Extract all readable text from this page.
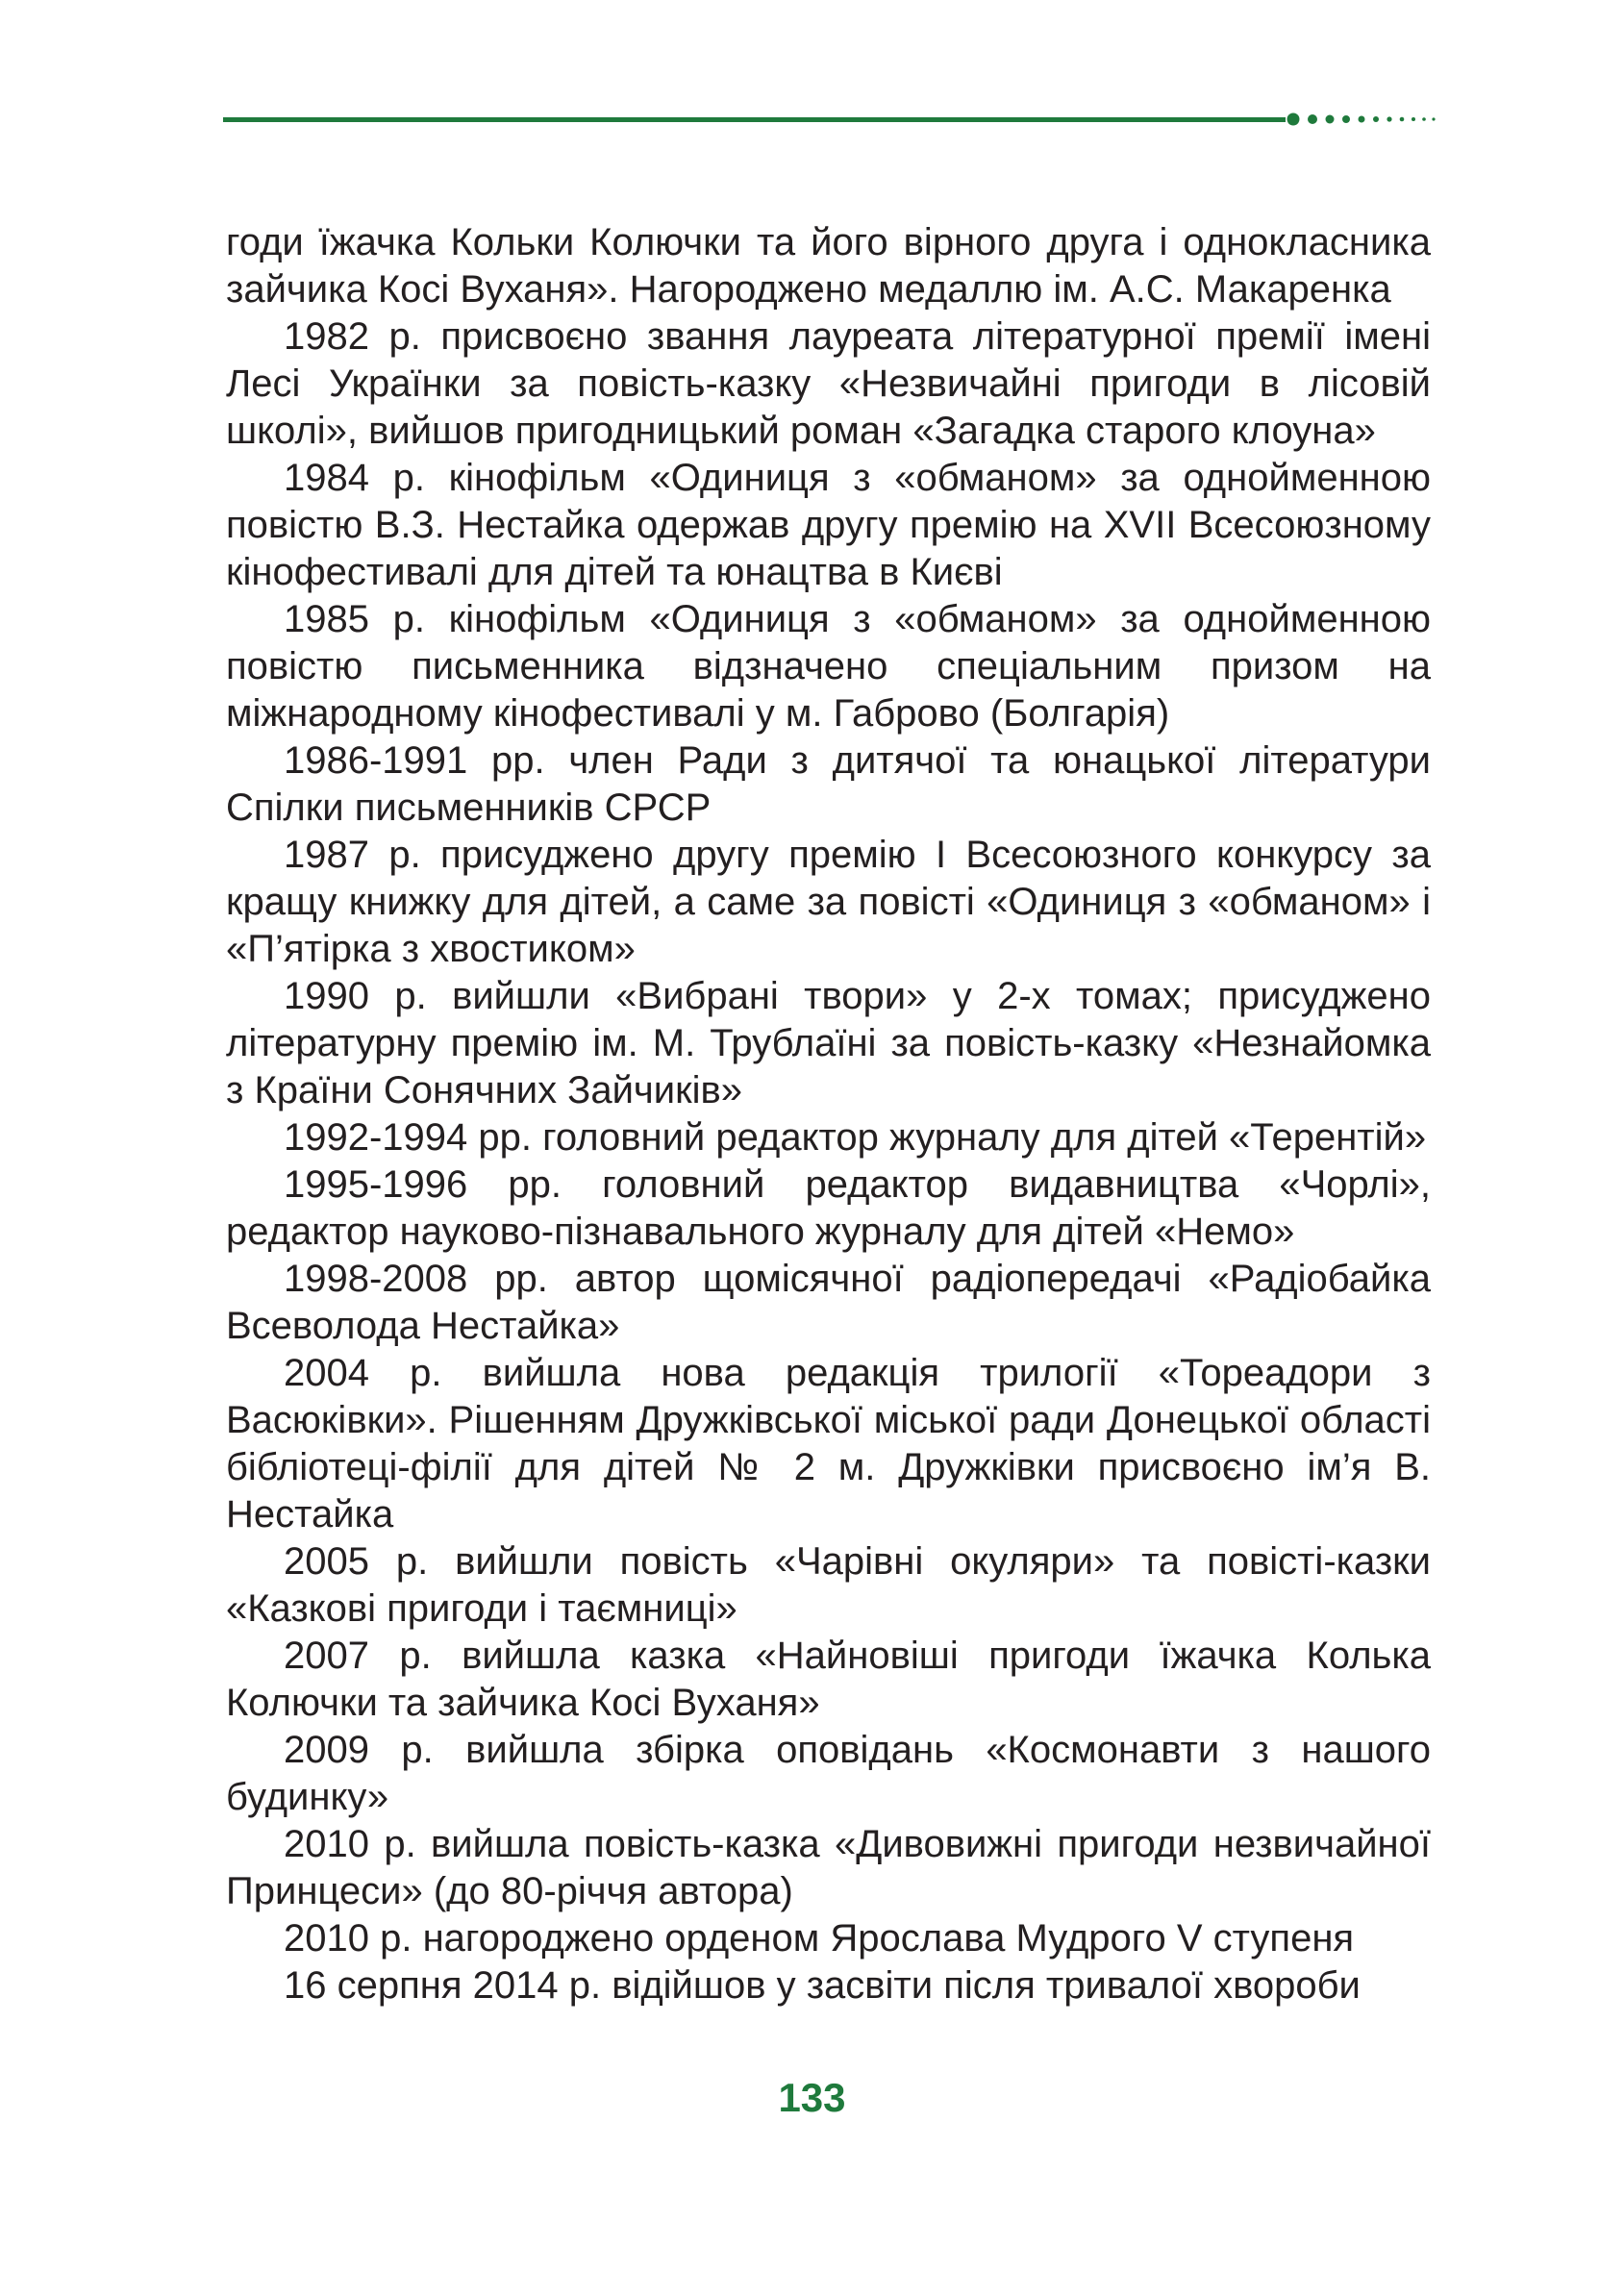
годи їжачка Кольки Колючки та його вірного друга і однокласника зайчика Косі Вуханя». Нагороджено медаллю ім. А.С. Макаренка

1982 р. присвоєно звання лауреата літературної премії імені Лесі Українки за повість-казку «Незвичайні пригоди в лісовій школі», вийшов пригодницький роман «Загадка старого клоуна»

1984 р. кінофільм «Одиниця з «обманом» за однойменною повістю В.З. Нестайка одержав другу премію на XVII Всесоюзному кінофестивалі для дітей та юнацтва в Києві

1985 р. кінофільм «Одиниця з «обманом» за однойменною повістю письменника відзначено спеціальним призом на міжнародному кінофестивалі у м. Габрово (Болгарія)

1986-1991 рр. член Ради з дитячої та юнацької літератури Спілки письменників СРСР

1987 р. присуджено другу премію І Всесоюзного конкурсу за кращу книжку для дітей, а саме за повісті «Одиниця з «обманом» і «П’ятірка з хвостиком»

1990 р. вийшли «Вибрані твори» у 2-х томах; присуджено літературну премію ім. М. Трублаїні за повість-казку «Незнайомка з Країни Сонячних Зайчиків»

1992-1994 рр. головний редактор журналу для дітей «Терентій»

1995-1996 рр. головний редактор видавництва «Чорлі», редактор науково-пізнавального журналу для дітей «Немо»

1998-2008 рр. автор щомісячної радіопередачі «Радіобайка Всеволода Нестайка»

2004 р. вийшла нова редакція трилогії «Тореадори з Васюківки». Рішенням Дружківської міської ради Донецької області бібліотеці-філії для дітей № 2 м. Дружківки присвоєно ім’я В. Нестайка

2005 р. вийшли повість «Чарівні окуляри» та повісті-казки «Казкові пригоди і таємниці»

2007 р. вийшла казка «Найновіші пригоди їжачка Колька Колючки та зайчика Косі Вуханя»

2009 р. вийшла збірка оповідань «Космонавти з нашого будинку»

2010 р. вийшла повість-казка «Дивовижні пригоди незвичайної Принцеси» (до 80-річчя автора)

2010 р. нагороджено орденом Ярослава Мудрого V ступеня

16 серпня 2014 р. відійшов у засвіти після тривалої хвороби

133
